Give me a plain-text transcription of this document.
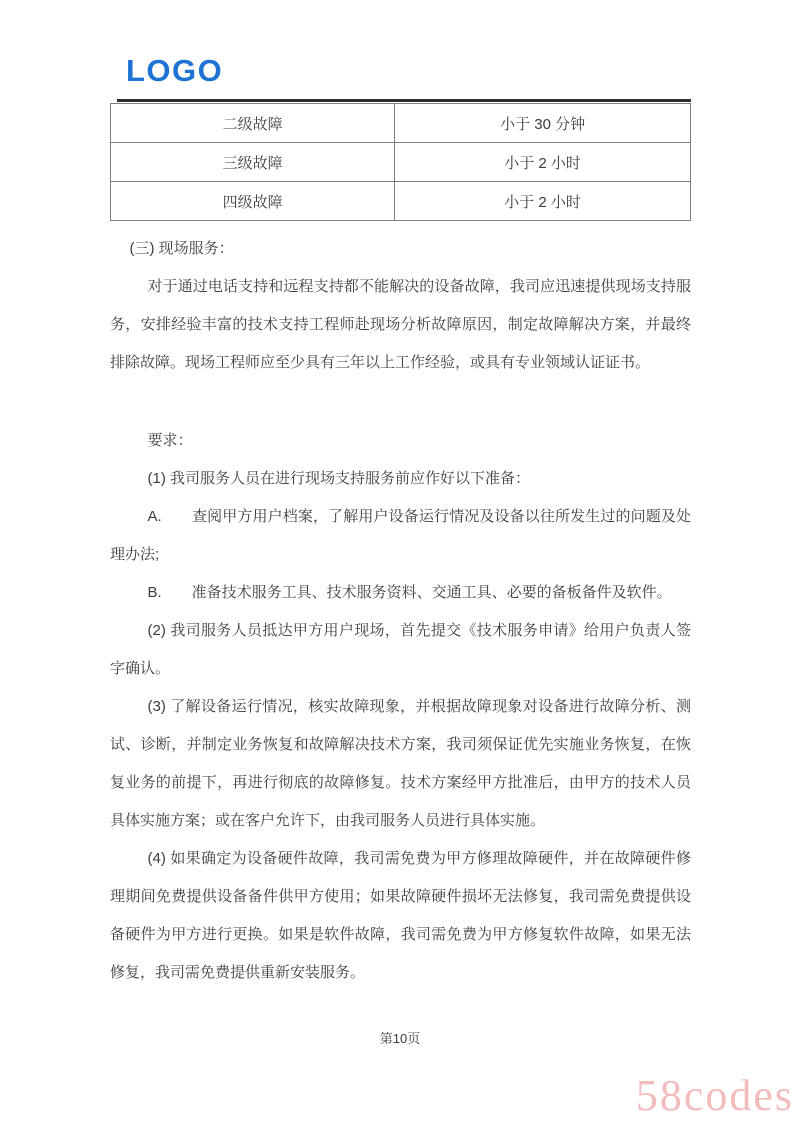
LOGO
二级故障	小于 30 分钟
三级故障	小于 2 小时
四级故障	小于 2 小时

(三) 现场服务：

对于通过电话支持和远程支持都不能解决的设备故障，我司应迅速提供现场支持服务，安排经验丰富的技术支持工程师赴现场分析故障原因，制定故障解决方案，并最终排除故障。现场工程师应至少具有三年以上工作经验，或具有专业领域认证证书。

要求：

(1) 我司服务人员在进行现场支持服务前应作好以下准备：

A.　　查阅甲方用户档案，了解用户设备运行情况及设备以往所发生过的问题及处理办法;

B.　　准备技术服务工具、技术服务资料、交通工具、必要的备板备件及软件。

(2) 我司服务人员抵达甲方用户现场，首先提交《技术服务申请》给用户负责人签字确认。

(3) 了解设备运行情况，核实故障现象，并根据故障现象对设备进行故障分析、测试、诊断，并制定业务恢复和故障解决技术方案，我司须保证优先实施业务恢复，在恢复业务的前提下，再进行彻底的故障修复。技术方案经甲方批准后，由甲方的技术人员具体实施方案；或在客户允许下，由我司服务人员进行具体实施。

(4) 如果确定为设备硬件故障，我司需免费为甲方修理故障硬件，并在故障硬件修理期间免费提供设备备件供甲方使用；如果故障硬件损坏无法修复，我司需免费提供设备硬件为甲方进行更换。如果是软件故障，我司需免费为甲方修复软件故障，如果无法修复，我司需免费提供重新安装服务。

第10页
58codes
